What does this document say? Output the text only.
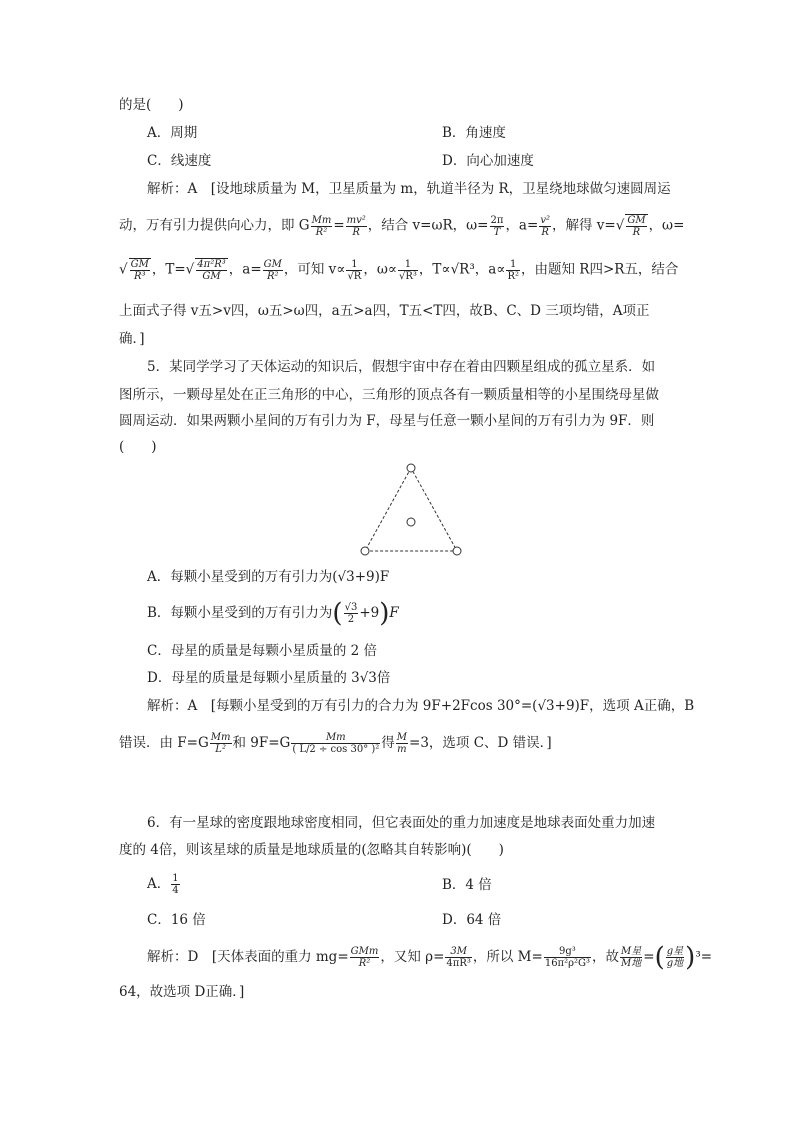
的是(　　)
A．周期	B．角速度
C．线速度	D．向心加速度
解析：A　[设地球质量为 M，卫星质量为 m，轨道半径为 R，卫星绕地球做匀速圆周运
动，万有引力提供向心力，即 G $\frac{Mm}{\text{R²}} = \frac{\text{mv²}}{R}$ ，结合 v=ωR，$\omega= \frac{2\pi}{T}$ ，$a= \frac{\text{v²}}{R}$ ，解得 $v=√ \frac{GM}{R}$ ，ω=
√ $\frac{GM}{\text{R³}}$ ，$T=√ \frac{\text{4π²R³}}{GM}$ ，$a= \frac{GM}{\text{R²}}$ ，可知 $v\propto \frac{1}{√R}$ ，$\omega\propto \frac{1}{\text{√R³}}$ ，T∝√R³，$a\propto \frac{1}{\text{R²}}$ ，由题知 R四>R五，结合
上面式子得 v五>v四，ω五>ω四，a五>a四，T五<T四，故B、C、D 三项均错，A项正
确．]
5．某同学学习了天体运动的知识后，假想宇宙中存在着由四颗星组成的孤立星系．如
图所示，一颗母星处在正三角形的中心，三角形的顶点各有一颗质量相等的小星围绕母星做
圆周运动．如果两颗小星间的万有引力为 F，母星与任意一颗小星间的万有引力为 9F．则
(　　)
A．每颗小星受到的万有引力为(√3+9)F
B．每颗小星受到的万有引力为( $\frac{√3}{2} +9)F$
C．母星的质量是每颗小星质量的 2 倍
D．母星的质量是每颗小星质量的 3√3倍
解析：A　[每颗小星受到的万有引力的合力为 9F+2Fcos 30°=(√3+9)F，选项 A正确，B
错误．由 $F=G \frac{Mm}{\text{L²}}$ 和 $9F=G \frac{Mm}{\text{( L/2 ÷ cos 30° )²}}$ 得 $\frac{M}{m} =3$，选项 C、D 错误．]
6．有一星球的密度跟地球密度相同，但它表面处的重力加速度是地球表面处重力加速
度的 4倍，则该星球的质量是地球质量的(忽略其自转影响)(　　)
A． $\frac{1}{4}$	B．4 倍
C．16 倍	D．64 倍
解析：D　[天体表面的重力 $mg= \frac{\text{GMm}}{\text{R²}}$ ，又知 $\rho= \frac{3M}{\text{4πR³}}$ ，所以 $M= \frac{\text{9g³}}{\text{16π²ρ²G³}}$ ，故 $\frac{\text{M星}}{\text{M地}}$ =( $\frac{\text{g星}}{\text{g地}} )^3=$
64，故选项 D正确．]
